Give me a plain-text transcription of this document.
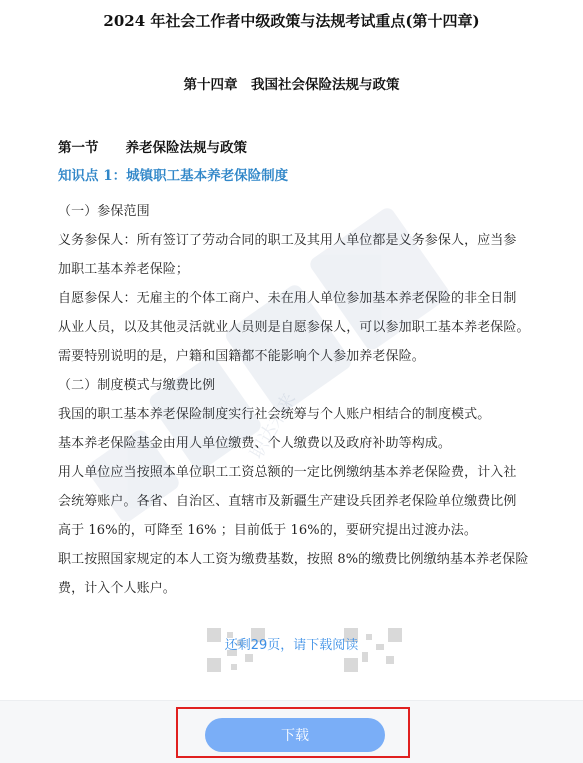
2024 年社会工作者中级政策与法规考试重点(第十四章)
第十四章　我国社会保险法规与政策
第一节　　养老保险法规与政策
知识点 1：城镇职工基本养老保险制度
（一）参保范围
义务参保人：所有签订了劳动合同的职工及其用人单位都是义务参保人，应当参
加职工基本养老保险；
自愿参保人：无雇主的个体工商户、未在用人单位参加基本养老保险的非全日制
从业人员，以及其他灵活就业人员则是自愿参保人，可以参加职工基本养老保险。
需要特别说明的是，户籍和国籍都不能影响个人参加养老保险。
（二）制度模式与缴费比例
我国的职工基本养老保险制度实行社会统筹与个人账户相结合的制度模式。
基本养老保险基金由用人单位缴费、个人缴费以及政府补助等构成。
用人单位应当按照本单位职工工资总额的一定比例缴纳基本养老保险费，计入社
会统筹账户。各省、自治区、直辖市及新疆生产建设兵团养老保险单位缴费比例
高于 16%的，可降至 16% ；目前低于 16%的，要研究提出过渡办法。
职工按照国家规定的本人工资为缴费基数，按照 8%的缴费比例缴纳基本养老保险
费，计入个人账户。
职达未来
还剩29页，请下载阅读
下载
